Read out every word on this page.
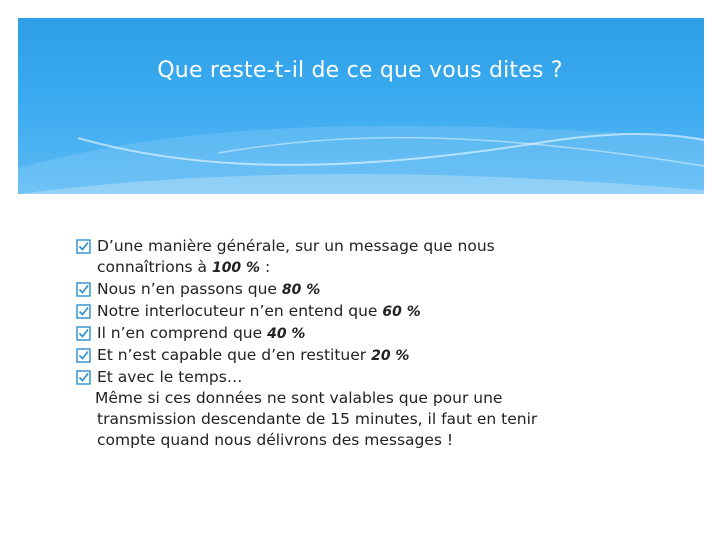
Que reste-t-il de ce que vous dites ?
D’une manière générale, sur un message que nous
connaîtrions à 100 % :
Nous n’en passons que 80 %
Notre interlocuteur n’en entend que 60 %
Il n’en comprend que 40 %
Et n’est capable que d’en restituer 20 %
Et avec le temps…
Même si ces données ne sont valables que pour une
transmission descendante de 15 minutes, il faut en tenir
compte quand nous délivrons des messages !
